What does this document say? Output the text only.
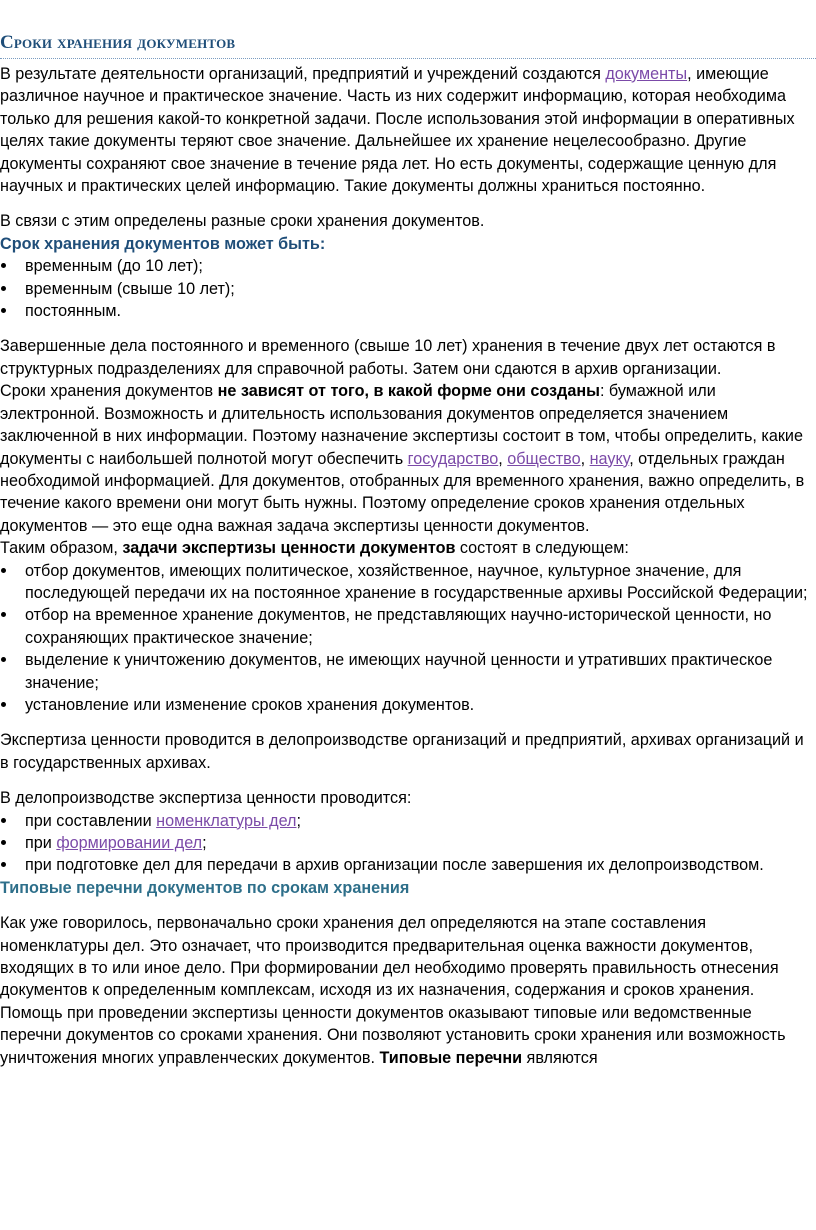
Сроки хранения документов

В результате деятельности организаций, предприятий и учреждений создаются документы, имеющие различное научное и практическое значение. Часть из них содержит информацию, которая необходима только для решения какой-то конкретной задачи. После использования этой информации в оперативных целях такие документы теряют свое значение. Дальнейшее их хранение нецелесообразно. Другие документы сохраняют свое значение в течение ряда лет. Но есть документы, содержащие ценную для научных и практических целей информацию. Такие документы должны храниться постоянно.

В связи с этим определены разные сроки хранения документов.

Срок хранения документов может быть:

временным (до 10 лет);
временным (свыше 10 лет);
постоянным.

Завершенные дела постоянного и временного (свыше 10 лет) хранения в течение двух лет остаются в структурных подразделениях для справочной работы. Затем они сдаются в архив организации.

Сроки хранения документов не зависят от того, в какой форме они созданы: бумажной или электронной. Возможность и длительность использования документов определяется значением заключенной в них информации. Поэтому назначение экспертизы состоит в том, чтобы определить, какие документы с наибольшей полнотой могут обеспечить государство, общество, науку, отдельных граждан необходимой информацией. Для документов, отобранных для временного хранения, важно определить, в течение какого времени они могут быть нужны. Поэтому определение сроков хранения отдельных документов — это еще одна важная задача экспертизы ценности документов.

Таким образом, задачи экспертизы ценности документов состоят в следующем:

отбор документов, имеющих политическое, хозяйственное, научное, культурное значение, для последующей передачи их на постоянное хранение в государственные архивы Российской Федерации;
отбор на временное хранение документов, не представляющих научно-исторической ценности, но сохраняющих практическое значение;
выделение к уничтожению документов, не имеющих научной ценности и утративших практическое значение;
установление или изменение сроков хранения документов.

Экспертиза ценности проводится в делопроизводстве организаций и предприятий, архивах организаций и в государственных архивах.

В делопроизводстве экспертиза ценности проводится:

при составлении номенклатуры дел;
при формировании дел;
при подготовке дел для передачи в архив организации после завершения их делопроизводством.

Типовые перечни документов по срокам хранения

Как уже говорилось, первоначально сроки хранения дел определяются на этапе составления номенклатуры дел. Это означает, что производится предварительная оценка важности документов, входящих в то или иное дело. При формировании дел необходимо проверять правильность отнесения документов к определенным комплексам, исходя из их назначения, содержания и сроков хранения.

Помощь при проведении экспертизы ценности документов оказывают типовые или ведомственные перечни документов со сроками хранения. Они позволяют установить сроки хранения или возможность уничтожения многих управленческих документов. Типовые перечни являются
